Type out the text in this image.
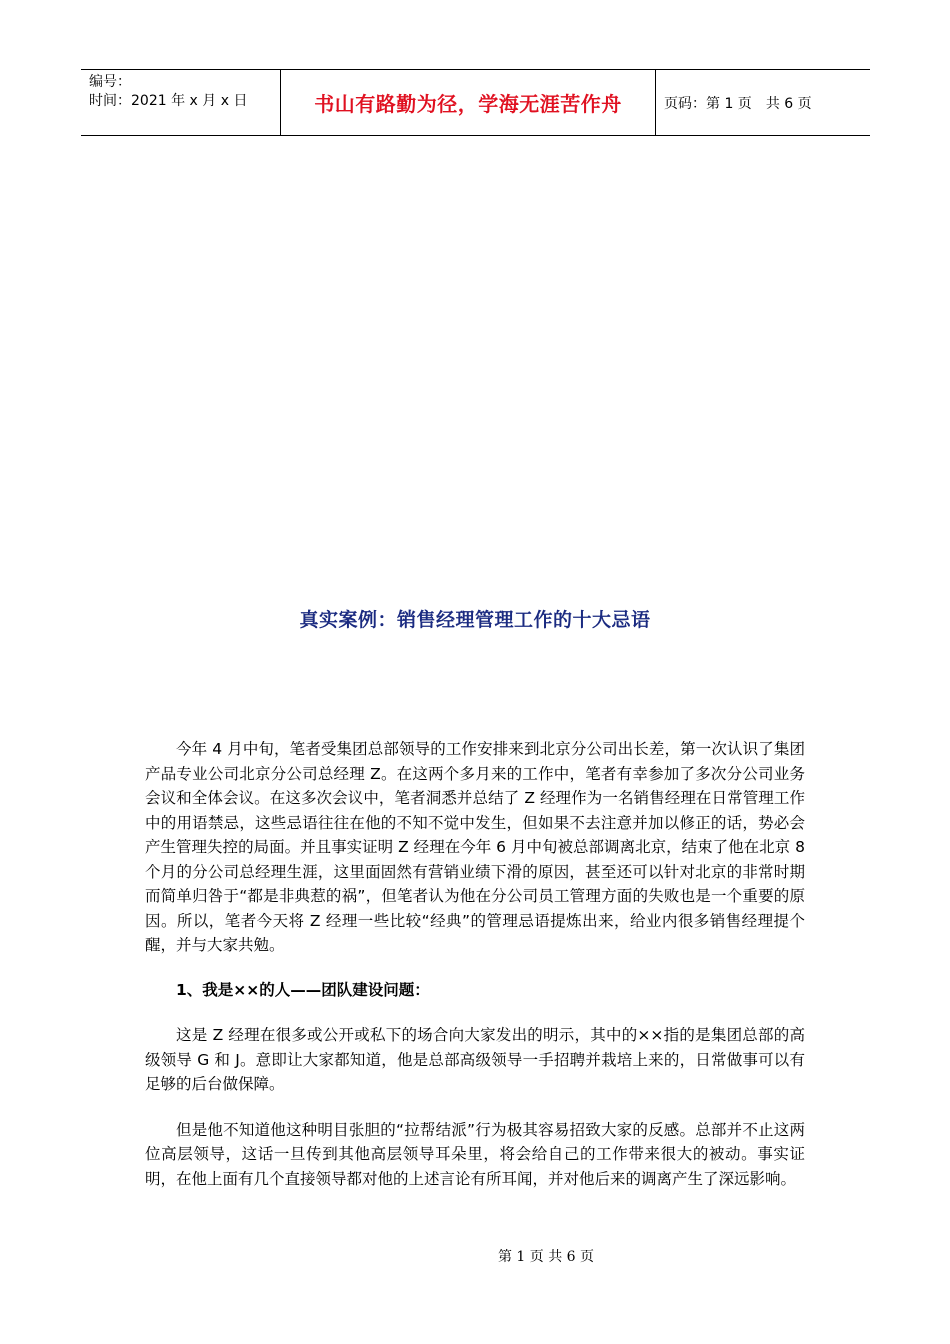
编号：
时间：2021 年 x 月 x 日	书山有路勤为径，学海无涯苦作舟	页码：第 1 页 共 6 页
真实案例：销售经理管理工作的十大忌语

今年 4 月中旬，笔者受集团总部领导的工作安排来到北京分公司出长差，第一次认识了集团产品专业公司北京分公司总经理 Z。在这两个多月来的工作中，笔者有幸参加了多次分公司业务会议和全体会议。在这多次会议中，笔者洞悉并总结了 Z 经理作为一名销售经理在日常管理工作中的用语禁忌，这些忌语往往在他的不知不觉中发生，但如果不去注意并加以修正的话，势必会产生管理失控的局面。并且事实证明 Z 经理在今年 6 月中旬被总部调离北京，结束了他在北京 8 个月的分公司总经理生涯，这里面固然有营销业绩下滑的原因，甚至还可以针对北京的非常时期而简单归咎于“都是非典惹的祸”，但笔者认为他在分公司员工管理方面的失败也是一个重要的原因。所以，笔者今天将 Z 经理一些比较“经典”的管理忌语提炼出来，给业内很多销售经理提个醒，并与大家共勉。

1、我是××的人——团队建设问题：

这是 Z 经理在很多或公开或私下的场合向大家发出的明示，其中的××指的是集团总部的高级领导 G 和 J。意即让大家都知道，他是总部高级领导一手招聘并栽培上来的，日常做事可以有足够的后台做保障。

但是他不知道他这种明目张胆的“拉帮结派”行为极其容易招致大家的反感。总部并不止这两位高层领导，这话一旦传到其他高层领导耳朵里，将会给自己的工作带来很大的被动。事实证明，在他上面有几个直接领导都对他的上述言论有所耳闻，并对他后来的调离产生了深远影响。

第 1 页 共 6 页
